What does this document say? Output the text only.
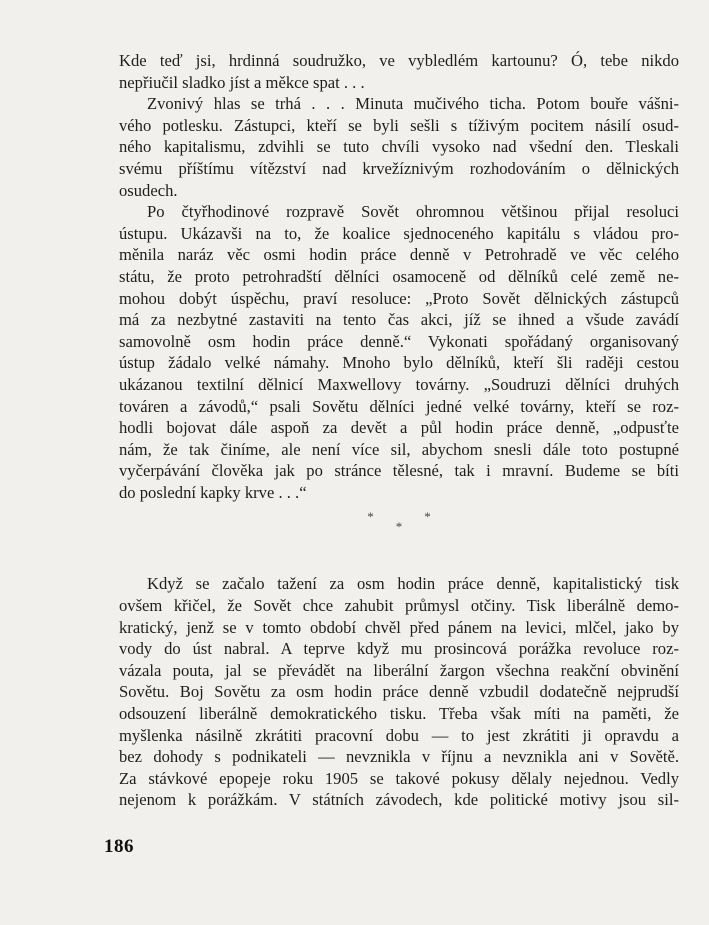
Kde teď jsi, hrdinná soudružko, ve vybledlém kartounu? Ó, tebe nikdo
nepřiučil sladko jíst a měkce spat . . .
Zvonivý hlas se trhá . . . Minuta mučivého ticha. Potom bouře vášni-
vého potlesku. Zástupci, kteří se byli sešli s tíživým pocitem násilí osud-
ného kapitalismu, zdvihli se tuto chvíli vysoko nad všední den. Tleskali
svému příštímu vítězství nad krvežíznivým rozhodováním o dělnických
osudech.
Po čtyřhodinové rozpravě Sovět ohromnou většinou přijal resoluci
ústupu. Ukázavši na to, že koalice sjednoceného kapitálu s vládou pro-
měnila naráz věc osmi hodin práce denně v Petrohradě ve věc celého
státu, že proto petrohradští dělníci osamoceně od dělníků celé země ne-
mohou dobýt úspěchu, praví resoluce: „Proto Sovět dělnických zástupců
má za nezbytné zastaviti na tento čas akci, jíž se ihned a všude zavádí
samovolně osm hodin práce denně.“ Vykonati spořádaný organisovaný
ústup žádalo velké námahy. Mnoho bylo dělníků, kteří šli raději cestou
ukázanou textilní dělnicí Maxwellovy továrny. „Soudruzi dělníci druhých
továren a závodů,“ psali Sovětu dělníci jedné velké továrny, kteří se roz-
hodli bojovat dále aspoň za devět a půl hodin práce denně, „odpusťte
nám, že tak činíme, ale není více sil, abychom snesli dále toto postupné
vyčerpávání člověka jak po stránce tělesné, tak i mravní. Budeme se bíti
do poslední kapky krve . . .“
***
Když se začalo tažení za osm hodin práce denně, kapitalistický tisk
ovšem křičel, že Sovět chce zahubit průmysl otčiny. Tisk liberálně demo-
kratický, jenž se v tomto období chvěl před pánem na levici, mlčel, jako by
vody do úst nabral. A teprve když mu prosincová porážka revoluce roz-
vázala pouta, jal se převádět na liberální žargon všechna reakční obvinění
Sovětu. Boj Sovětu za osm hodin práce denně vzbudil dodatečně nejprudší
odsouzení liberálně demokratického tisku. Třeba však míti na paměti, že
myšlenka násilně zkrátiti pracovní dobu — to jest zkrátiti ji opravdu a
bez dohody s podnikateli — nevznikla v říjnu a nevznikla ani v Sovětě.
Za stávkové epopeje roku 1905 se takové pokusy dělaly nejednou. Vedly
nejenom k porážkám. V státních závodech, kde politické motivy jsou sil-
186
